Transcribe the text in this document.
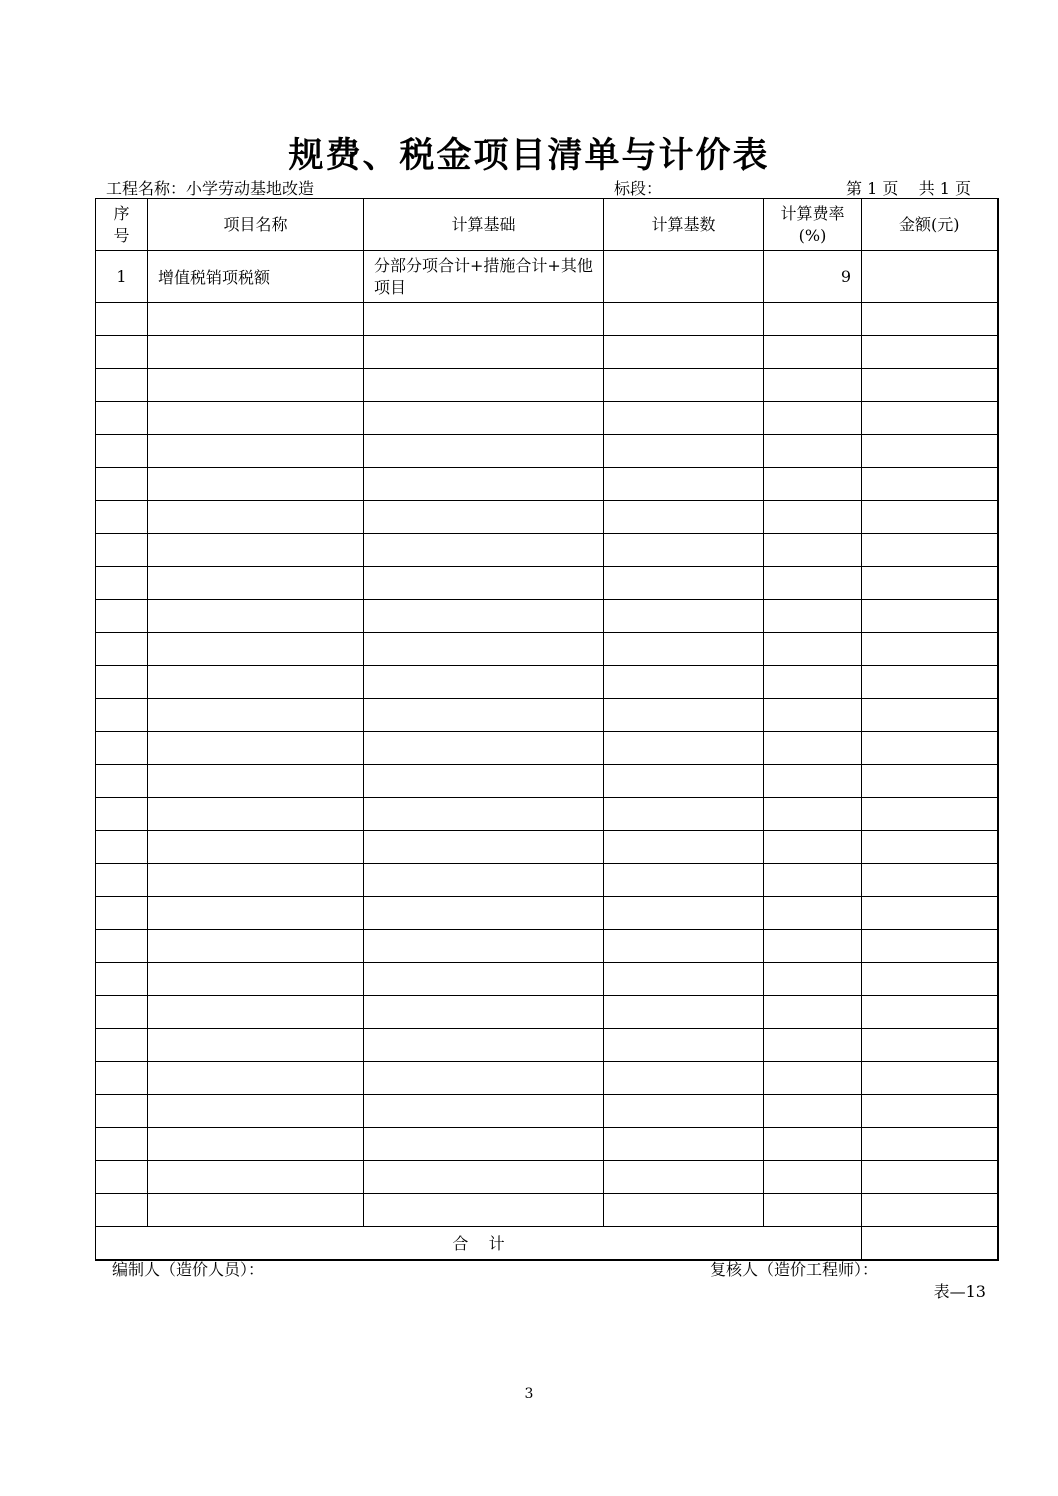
规费、税金项目清单与计价表
工程名称：小学劳动基地改造	标段：	第 1 页    共 1 页
序号	项目名称	计算基础	计算基数	计算费率(%)	金额(元)
1	增值税销项税额	分部分项合计+措施合计+其他项目		9	

合    计					
编制人（造价人员）：	复核人（造价工程师）：
表—13
3
